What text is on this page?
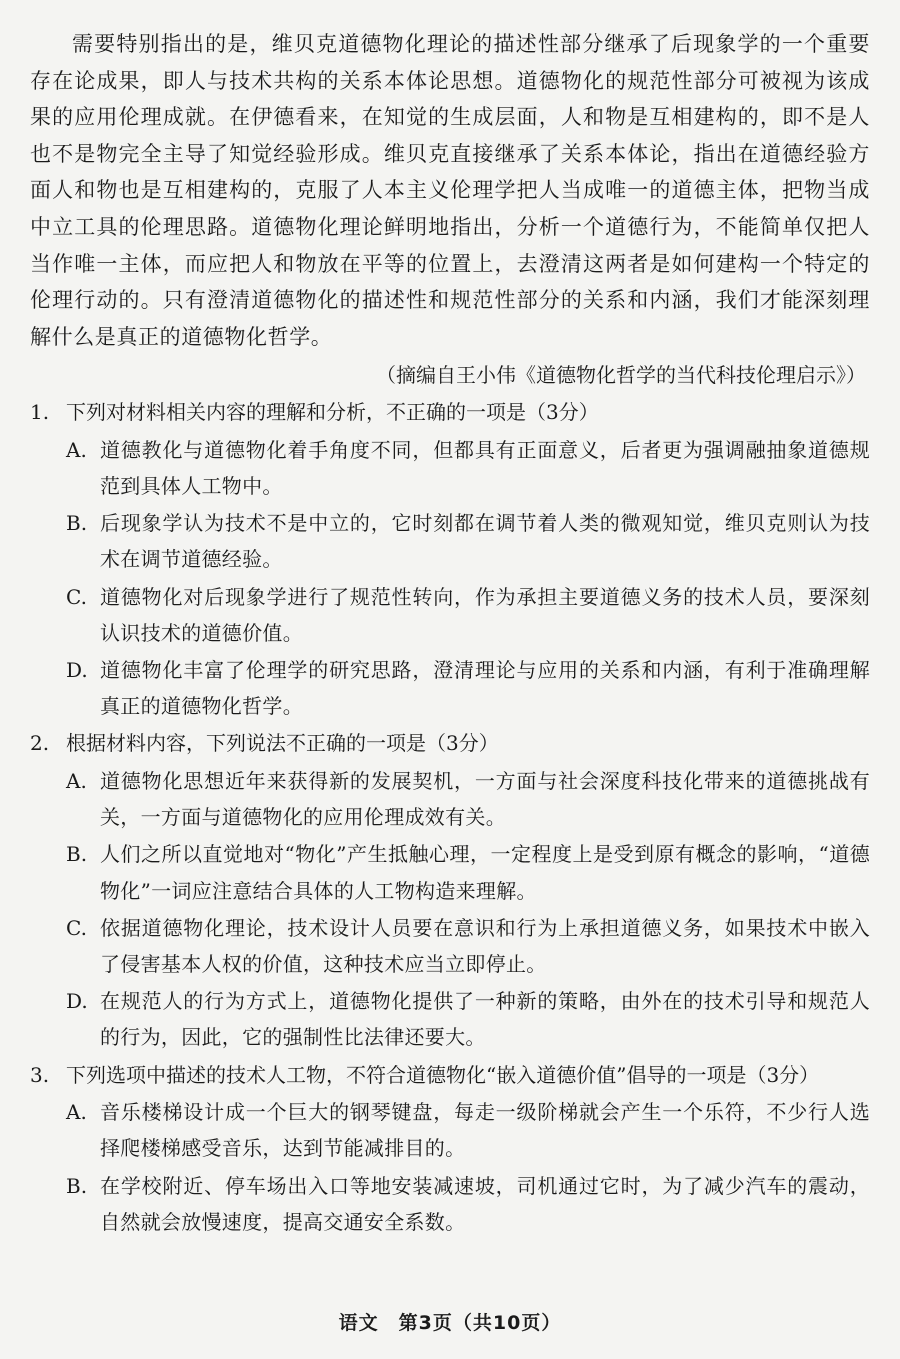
需要特别指出的是，维贝克道德物化理论的描述性部分继承了后现象学的一个重要存在论成果，即人与技术共构的关系本体论思想。道德物化的规范性部分可被视为该成果的应用伦理成就。在伊德看来，在知觉的生成层面，人和物是互相建构的，即不是人也不是物完全主导了知觉经验形成。维贝克直接继承了关系本体论，指出在道德经验方面人和物也是互相建构的，克服了人本主义伦理学把人当成唯一的道德主体，把物当成中立工具的伦理思路。道德物化理论鲜明地指出，分析一个道德行为，不能简单仅把人当作唯一主体，而应把人和物放在平等的位置上，去澄清这两者是如何建构一个特定的伦理行动的。只有澄清道德物化的描述性和规范性部分的关系和内涵，我们才能深刻理解什么是真正的道德物化哲学。

（摘编自王小伟《道德物化哲学的当代科技伦理启示》）
1. 下列对材料相关内容的理解和分析，不正确的一项是（3分）
A. 道德教化与道德物化着手角度不同，但都具有正面意义，后者更为强调融抽象道德规范到具体人工物中。
B. 后现象学认为技术不是中立的，它时刻都在调节着人类的微观知觉，维贝克则认为技术在调节道德经验。
C. 道德物化对后现象学进行了规范性转向，作为承担主要道德义务的技术人员，要深刻认识技术的道德价值。
D. 道德物化丰富了伦理学的研究思路，澄清理论与应用的关系和内涵，有利于准确理解真正的道德物化哲学。
2. 根据材料内容，下列说法不正确的一项是（3分）
A. 道德物化思想近年来获得新的发展契机，一方面与社会深度科技化带来的道德挑战有关，一方面与道德物化的应用伦理成效有关。
B. 人们之所以直觉地对“物化”产生抵触心理，一定程度上是受到原有概念的影响，“道德物化”一词应注意结合具体的人工物构造来理解。
C. 依据道德物化理论，技术设计人员要在意识和行为上承担道德义务，如果技术中嵌入了侵害基本人权的价值，这种技术应当立即停止。
D. 在规范人的行为方式上，道德物化提供了一种新的策略，由外在的技术引导和规范人的行为，因此，它的强制性比法律还要大。
3. 下列选项中描述的技术人工物，不符合道德物化“嵌入道德价值”倡导的一项是（3分）
A. 音乐楼梯设计成一个巨大的钢琴键盘，每走一级阶梯就会产生一个乐符，不少行人选择爬楼梯感受音乐，达到节能减排目的。
B. 在学校附近、停车场出入口等地安装减速坡，司机通过它时，为了减少汽车的震动，自然就会放慢速度，提高交通安全系数。
语文　第3页（共10页）
